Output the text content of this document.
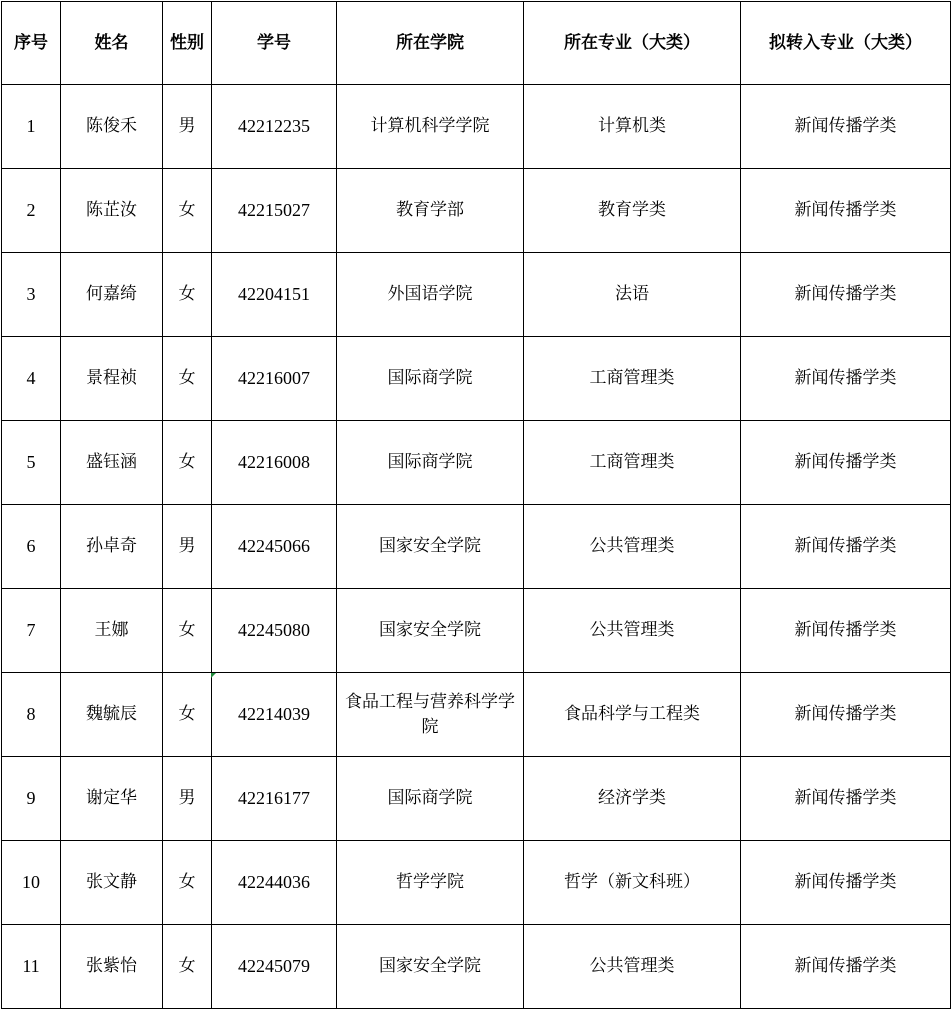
序号	姓名	性别	学号	所在学院	所在专业（大类）	拟转入专业（大类）
1	陈俊禾	男	42212235	计算机科学学院	计算机类	新闻传播学类
2	陈芷汝	女	42215027	教育学部	教育学类	新闻传播学类
3	何嘉绮	女	42204151	外国语学院	法语	新闻传播学类
4	景程祯	女	42216007	国际商学院	工商管理类	新闻传播学类
5	盛钰涵	女	42216008	国际商学院	工商管理类	新闻传播学类
6	孙卓奇	男	42245066	国家安全学院	公共管理类	新闻传播学类
7	王娜	女	42245080	国家安全学院	公共管理类	新闻传播学类
8	魏毓辰	女	42214039	食品工程与营养科学学院	食品科学与工程类	新闻传播学类
9	谢定华	男	42216177	国际商学院	经济学类	新闻传播学类
10	张文静	女	42244036	哲学学院	哲学（新文科班）	新闻传播学类
11	张紫怡	女	42245079	国家安全学院	公共管理类	新闻传播学类
